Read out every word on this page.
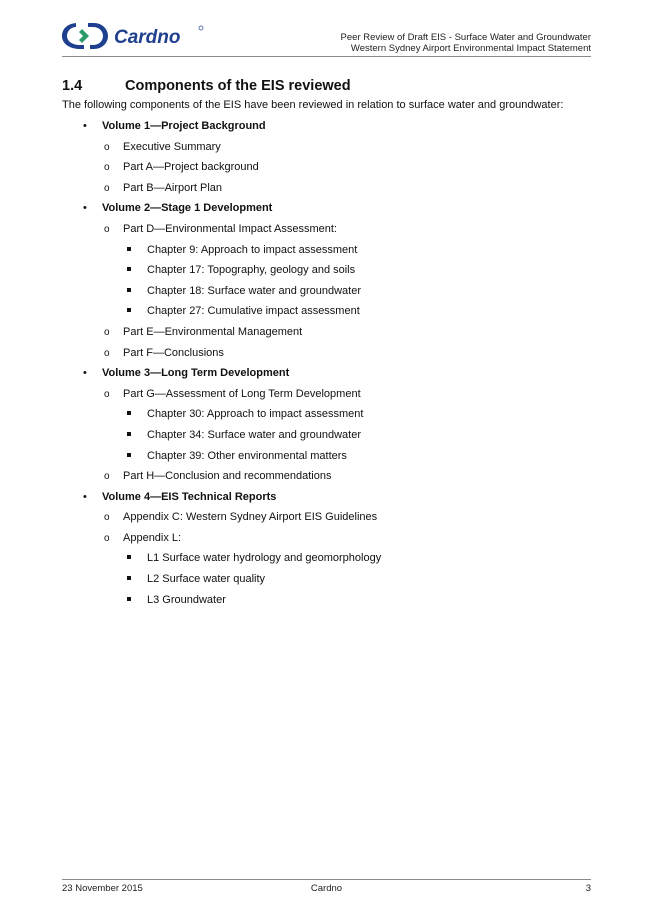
Cardno	Peer Review of Draft EIS - Surface Water and Groundwater
Western Sydney Airport Environmental Impact Statement
1.4	Components of the EIS reviewed
The following components of the EIS have been reviewed in relation to surface water and groundwater:
• Volume 1—Project Background
o Executive Summary
o Part A—Project background
o Part B—Airport Plan
• Volume 2—Stage 1 Development
o Part D—Environmental Impact Assessment:
Chapter 9: Approach to impact assessment
Chapter 17: Topography, geology and soils
Chapter 18: Surface water and groundwater
Chapter 27: Cumulative impact assessment
o Part E—Environmental Management
o Part F—Conclusions
• Volume 3—Long Term Development
o Part G—Assessment of Long Term Development
Chapter 30: Approach to impact assessment
Chapter 34: Surface water and groundwater
Chapter 39: Other environmental matters
o Part H—Conclusion and recommendations
• Volume 4—EIS Technical Reports
o Appendix C: Western Sydney Airport EIS Guidelines
o Appendix L:
L1 Surface water hydrology and geomorphology
L2 Surface water quality
L3 Groundwater
23 November 2015	Cardno	3
